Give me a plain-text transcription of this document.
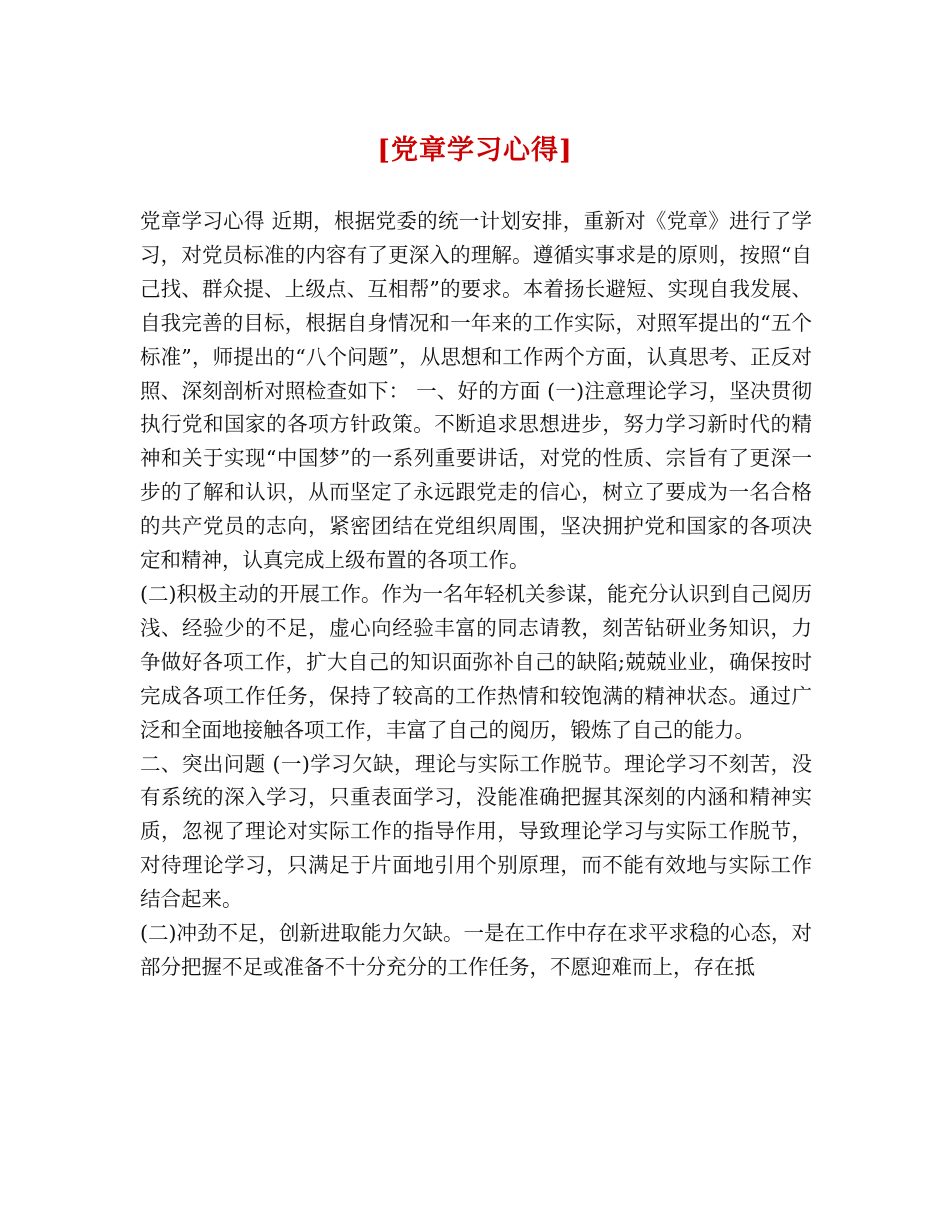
[党章学习心得]

党章学习心得 近期，根据党委的统一计划安排，重新对《党章》进行了学习，对党员标准的内容有了更深入的理解。遵循实事求是的原则，按照“自己找、群众提、上级点、互相帮”的要求。本着扬长避短、实现自我发展、自我完善的目标，根据自身情况和一年来的工作实际，对照军提出的“五个标准”，师提出的“八个问题”，从思想和工作两个方面，认真思考、正反对照、深刻剖析对照检查如下： 一、好的方面 (一)注意理论学习，坚决贯彻执行党和国家的各项方针政策。不断追求思想进步，努力学习新时代的精神和关于实现“中国梦”的一系列重要讲话，对党的性质、宗旨有了更深一步的了解和认识，从而坚定了永远跟党走的信心，树立了要成为一名合格的共产党员的志向，紧密团结在党组织周围，坚决拥护党和国家的各项决定和精神，认真完成上级布置的各项工作。

(二)积极主动的开展工作。作为一名年轻机关参谋，能充分认识到自己阅历浅、经验少的不足，虚心向经验丰富的同志请教，刻苦钻研业务知识，力争做好各项工作，扩大自己的知识面弥补自己的缺陷;兢兢业业，确保按时完成各项工作任务，保持了较高的工作热情和较饱满的精神状态。通过广泛和全面地接触各项工作，丰富了自己的阅历，锻炼了自己的能力。

二、突出问题 (一)学习欠缺，理论与实际工作脱节。理论学习不刻苦，没有系统的深入学习，只重表面学习，没能准确把握其深刻的内涵和精神实质，忽视了理论对实际工作的指导作用，导致理论学习与实际工作脱节，对待理论学习，只满足于片面地引用个别原理，而不能有效地与实际工作结合起来。

(二)冲劲不足，创新进取能力欠缺。一是在工作中存在求平求稳的心态，对部分把握不足或准备不十分充分的工作任务，不愿迎难而上，存在抵
